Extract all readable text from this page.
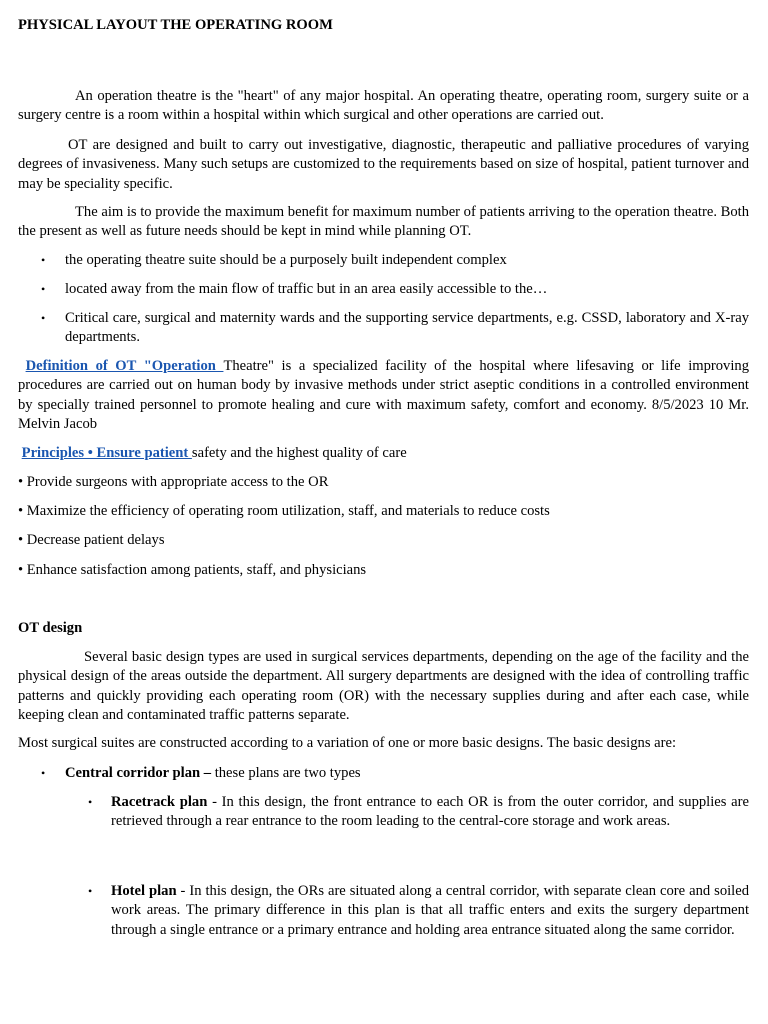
PHYSICAL LAYOUT THE OPERATING ROOM

An operation theatre is the "heart" of any major hospital. An operating theatre, operating room, surgery suite or a surgery centre is a room within a hospital within which surgical and other operations are carried out.

OT are designed and built to carry out investigative, diagnostic, therapeutic and palliative procedures of varying degrees of invasiveness. Many such setups are customized to the requirements based on size of hospital, patient turnover and may be speciality specific.

The aim is to provide the maximum benefit for maximum number of patients arriving to the operation theatre. Both the present as well as future needs should be kept in mind while planning OT.

• the operating theatre suite should be a purposely built independent complex
• located away from the main flow of traffic but in an area easily accessible to the…
• Critical care, surgical and maternity wards and the supporting service departments, e.g. CSSD, laboratory and X-ray departments.

Definition of OT "Operation Theatre" is a specialized facility of the hospital where lifesaving or life improving procedures are carried out on human body by invasive methods under strict aseptic conditions in a controlled environment by specially trained personnel to promote healing and cure with maximum safety, comfort and economy. 8/5/2023 10 Mr. Melvin Jacob

Principles • Ensure patient safety and the highest quality of care

• Provide surgeons with appropriate access to the OR

• Maximize the efficiency of operating room utilization, staff, and materials to reduce costs

• Decrease patient delays

• Enhance satisfaction among patients, staff, and physicians

OT design

Several basic design types are used in surgical services departments, depending on the age of the facility and the physical design of the areas outside the department. All surgery departments are designed with the idea of controlling traffic patterns and quickly providing each operating room (OR) with the necessary supplies during and after each case, while keeping clean and contaminated traffic patterns separate.

Most surgical suites are constructed according to a variation of one or more basic designs. The basic designs are:

• Central corridor plan – these plans are two types
• Racetrack plan - In this design, the front entrance to each OR is from the outer corridor, and supplies are retrieved through a rear entrance to the room leading to the central-core storage and work areas.
• Hotel plan - In this design, the ORs are situated along a central corridor, with separate clean core and soiled work areas. The primary difference in this plan is that all traffic enters and exits the surgery department through a single entrance or a primary entrance and holding area entrance situated along the same corridor.
